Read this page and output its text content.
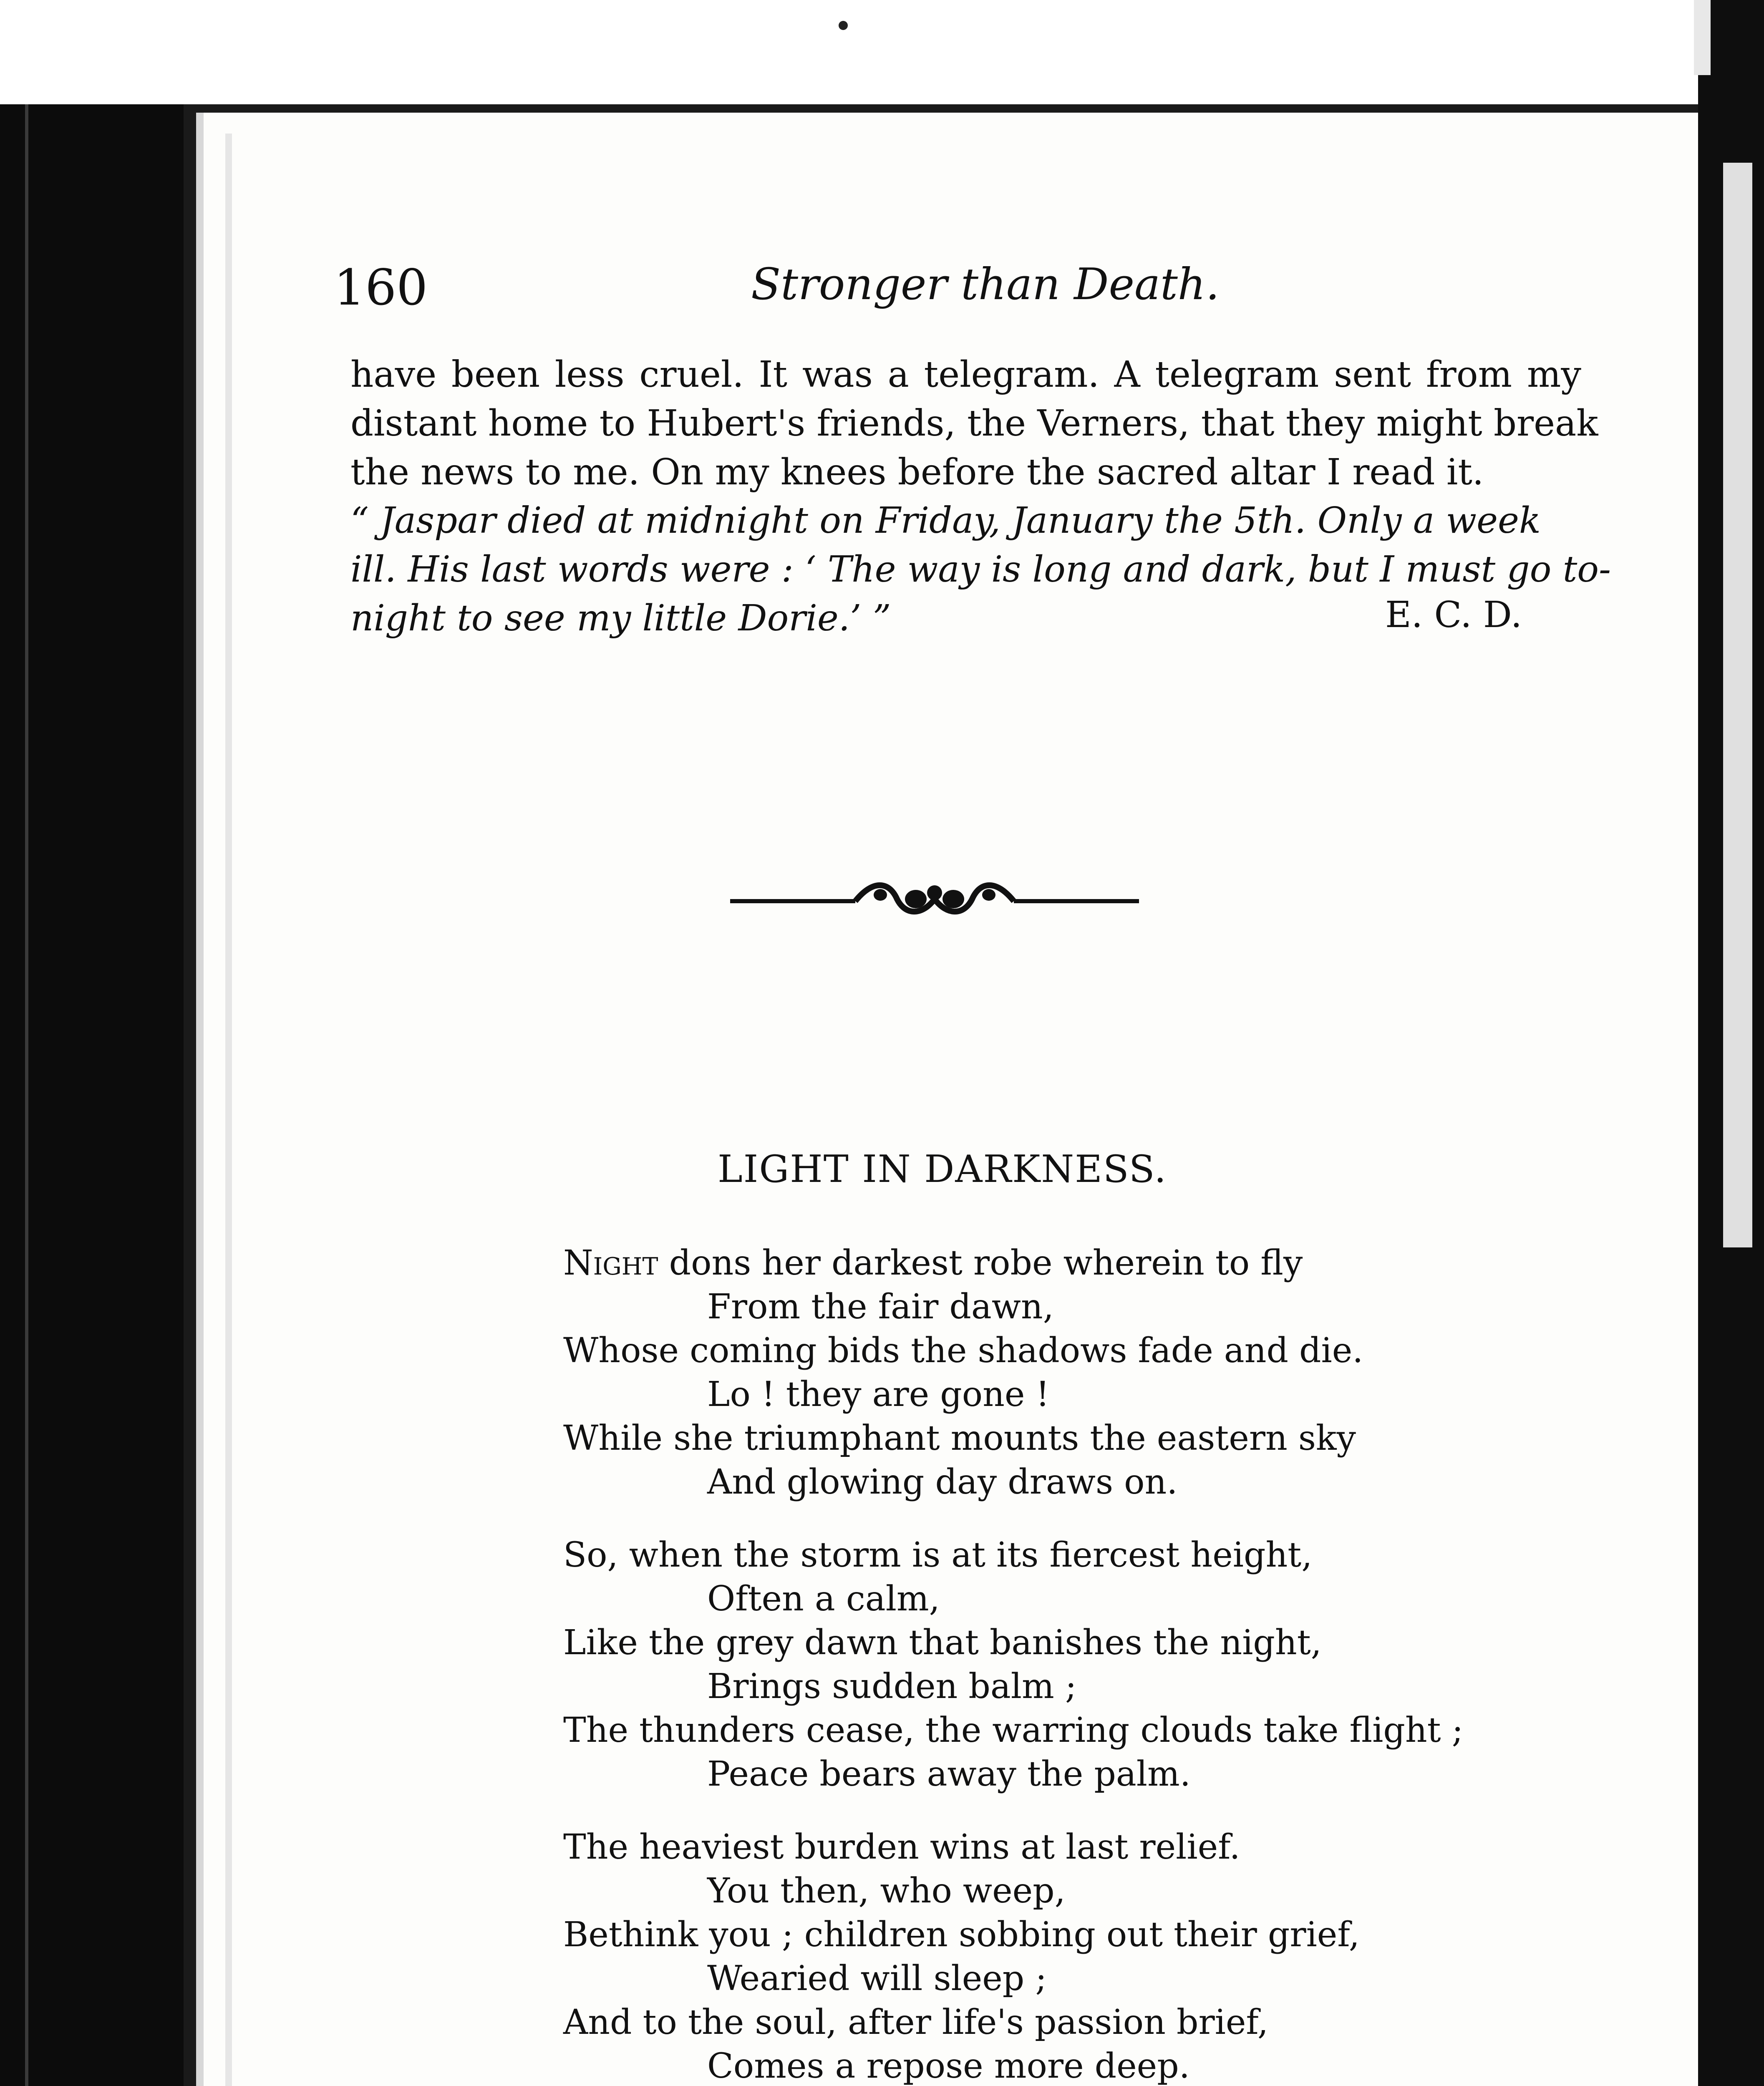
160	Stronger than Death.
have been less cruel. It was a telegram. A telegram sent from my
distant home to Hubert's friends, the Verners, that they might break
the news to me. On my knees before the sacred altar I read it.
“ Jaspar died at midnight on Friday, January the 5th. Only a week
ill. His last words were : ‘ The way is long and dark, but I must go to-
night to see my little Dorie.’ ”	E. C. D.
LIGHT IN DARKNESS.
Night dons her darkest robe wherein to fly
From the fair dawn,
Whose coming bids the shadows fade and die.
Lo ! they are gone !
While she triumphant mounts the eastern sky
And glowing day draws on.
So, when the storm is at its fiercest height,
Often a calm,
Like the grey dawn that banishes the night,
Brings sudden balm ;
The thunders cease, the warring clouds take flight ;
Peace bears away the palm.
The heaviest burden wins at last relief.
You then, who weep,
Bethink you ; children sobbing out their grief,
Wearied will sleep ;
And to the soul, after life's passion brief,
Comes a repose more deep.
